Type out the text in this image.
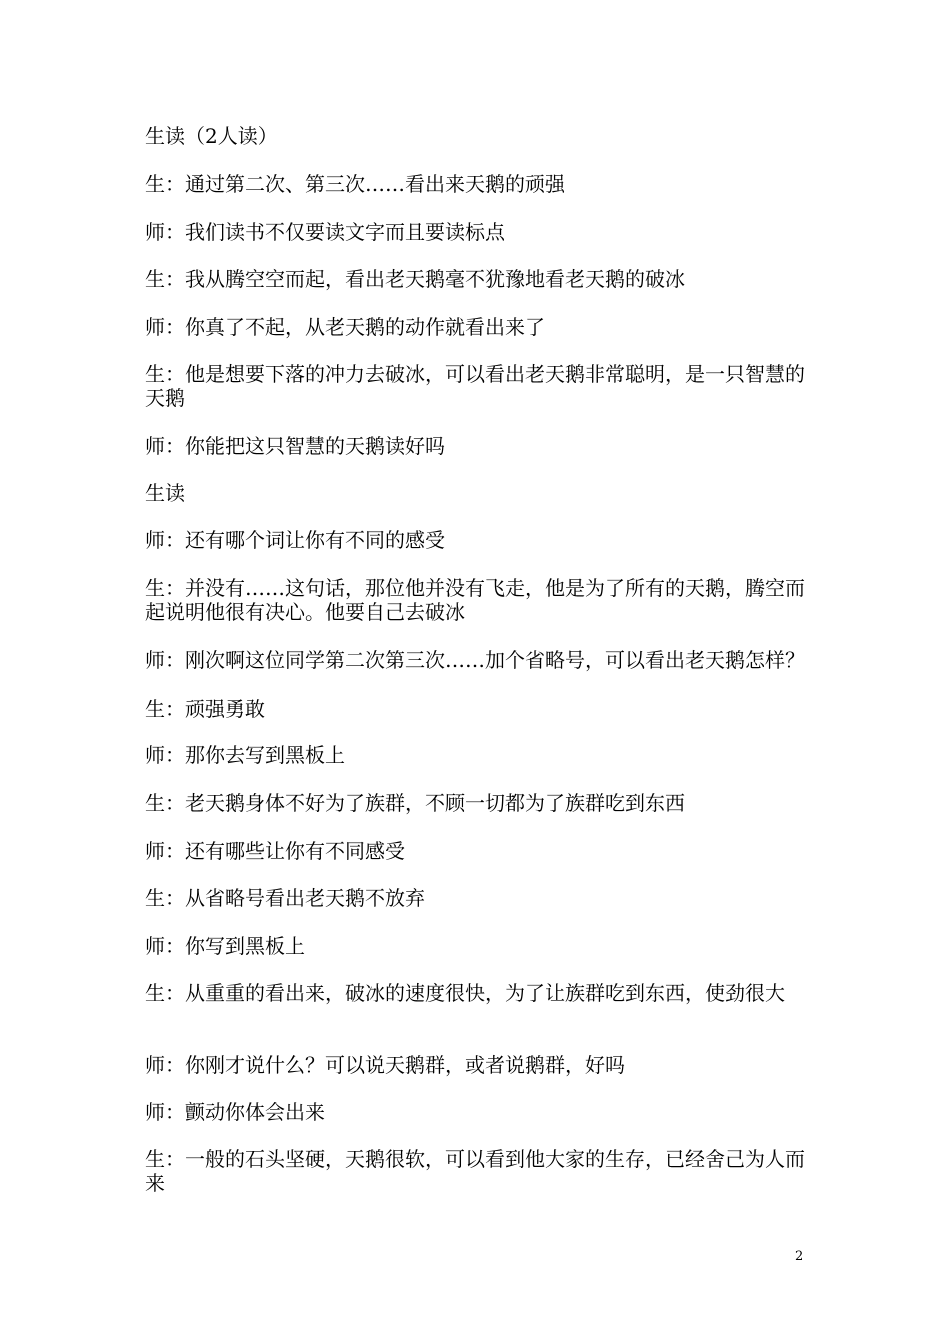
生读（2人读）

生：通过第二次、第三次……看出来天鹅的顽强

师：我们读书不仅要读文字而且要读标点

生：我从腾空空而起，看出老天鹅毫不犹豫地看老天鹅的破冰

师：你真了不起，从老天鹅的动作就看出来了

生：他是想要下落的冲力去破冰，可以看出老天鹅非常聪明，是一只智慧的天鹅

师：你能把这只智慧的天鹅读好吗

生读

师：还有哪个词让你有不同的感受

生：并没有……这句话，那位他并没有飞走，他是为了所有的天鹅，腾空而起说明他很有决心。他要自己去破冰

师：刚次啊这位同学第二次第三次……加个省略号，可以看出老天鹅怎样？

生：顽强勇敢

师：那你去写到黑板上

生：老天鹅身体不好为了族群，不顾一切都为了族群吃到东西

师：还有哪些让你有不同感受

生：从省略号看出老天鹅不放弃

师：你写到黑板上

生：从重重的看出来，破冰的速度很快，为了让族群吃到东西，使劲很大

师：你刚才说什么？可以说天鹅群，或者说鹅群，好吗

师：颤动你体会出来

生：一般的石头坚硬，天鹅很软，可以看到他大家的生存，已经舍己为人而来

2
